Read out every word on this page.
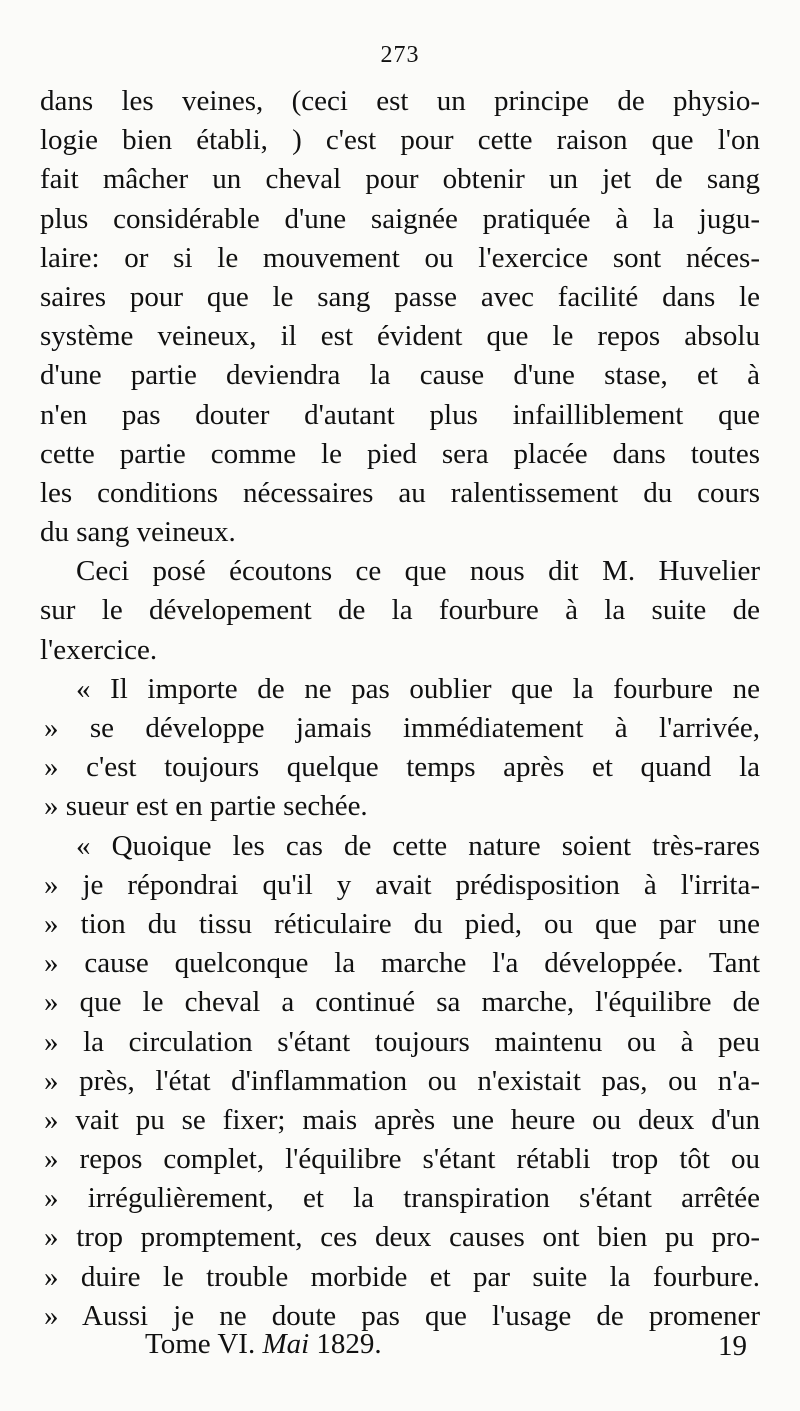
273
dans les veines, (ceci est un principe de physio-
logie bien établi, ) c'est pour cette raison que l'on
fait mâcher un cheval pour obtenir un jet de sang
plus considérable d'une saignée pratiquée à la jugu-
laire: or si le mouvement ou l'exercice sont néces-
saires pour que le sang passe avec facilité dans le
système veineux, il est évident que le repos absolu
d'une partie deviendra la cause d'une stase, et à
n'en pas douter d'autant plus infailliblement que
cette partie comme le pied sera placée dans toutes
les conditions nécessaires au ralentissement du cours
du sang veineux.
Ceci posé écoutons ce que nous dit M. Huvelier
sur le dévelopement de la fourbure à la suite de
l'exercice.
« Il importe de ne pas oublier que la fourbure ne
» se développe jamais immédiatement à l'arrivée,
» c'est toujours quelque temps après et quand la
» sueur est en partie sechée.
« Quoique les cas de cette nature soient très-rares
» je répondrai qu'il y avait prédisposition à l'irrita-
» tion du tissu réticulaire du pied, ou que par une
» cause quelconque la marche l'a développée. Tant
» que le cheval a continué sa marche, l'équilibre de
» la circulation s'étant toujours maintenu ou à peu
» près, l'état d'inflammation ou n'existait pas, ou n'a-
» vait pu se fixer; mais après une heure ou deux d'un
» repos complet, l'équilibre s'étant rétabli trop tôt ou
» irrégulièrement, et la transpiration s'étant arrêtée
» trop promptement, ces deux causes ont bien pu pro-
» duire le trouble morbide et par suite la fourbure.
» Aussi je ne doute pas que l'usage de promener
Tome VI. Mai 1829.	19
